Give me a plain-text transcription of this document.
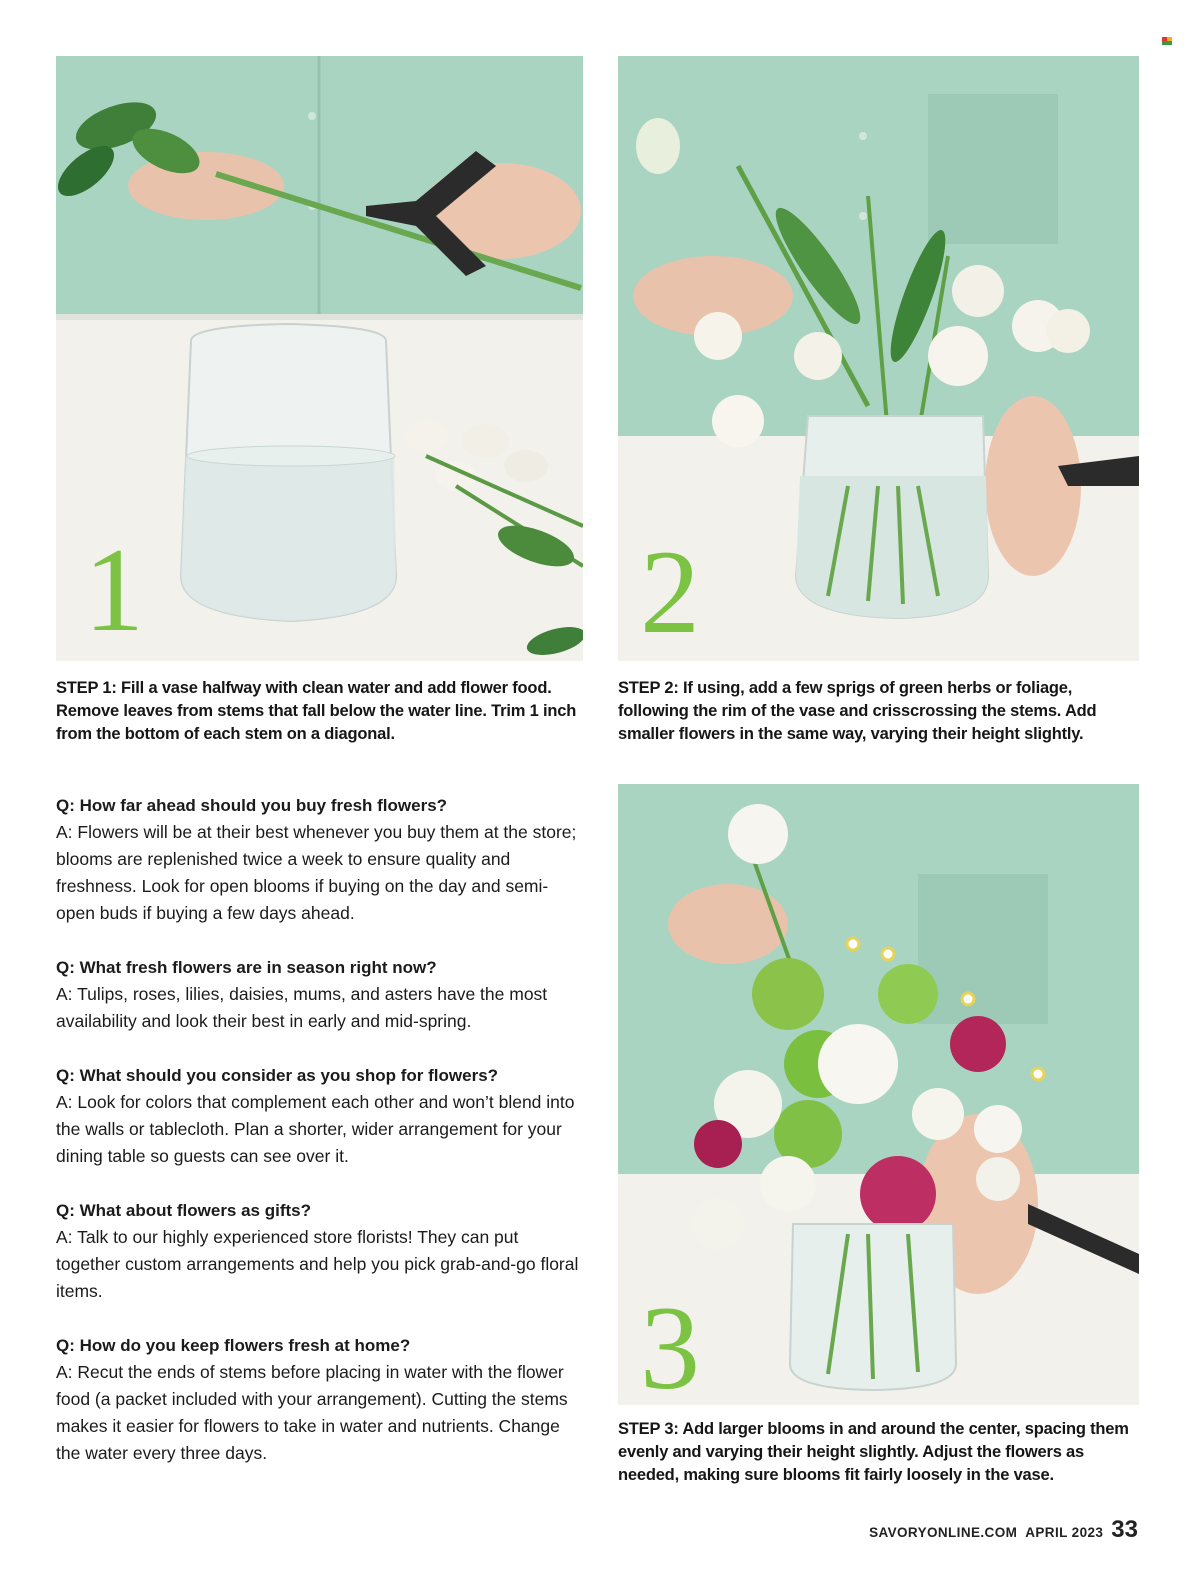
1	2
3
STEP 1: Fill a vase halfway with clean water and add flower food. Remove leaves from stems that fall below the water line. Trim 1 inch from the bottom of each stem on a diagonal.
STEP 2: If using, add a few sprigs of green herbs or foliage, following the rim of the vase and crisscrossing the stems. Add smaller flowers in the same way, varying their height slightly.
STEP 3: Add larger blooms in and around the center, spacing them evenly and varying their height slightly. Adjust the flowers as needed, making sure blooms fit fairly loosely in the vase.
Q: How far ahead should you buy fresh flowers?
A: Flowers will be at their best whenever you buy them at the store; blooms are replenished twice a week to ensure quality and freshness. Look for open blooms if buying on the day and semi-open buds if buying a few days ahead.
Q: What fresh flowers are in season right now?
A: Tulips, roses, lilies, daisies, mums, and asters have the most availability and look their best in early and mid-spring.
Q: What should you consider as you shop for flowers?
A: Look for colors that complement each other and won’t blend into the walls or tablecloth. Plan a shorter, wider arrangement for your dining table so guests can see over it.
Q: What about flowers as gifts?
A: Talk to our highly experienced store florists! They can put together custom arrangements and help you pick grab-and-go floral items.
Q: How do you keep flowers fresh at home?
A: Recut the ends of stems before placing in water with the flower food (a packet included with your arrangement). Cutting the stems makes it easier for flowers to take in water and nutrients. Change the water every three days.
SAVORYONLINE.COM APRIL 2023 33
